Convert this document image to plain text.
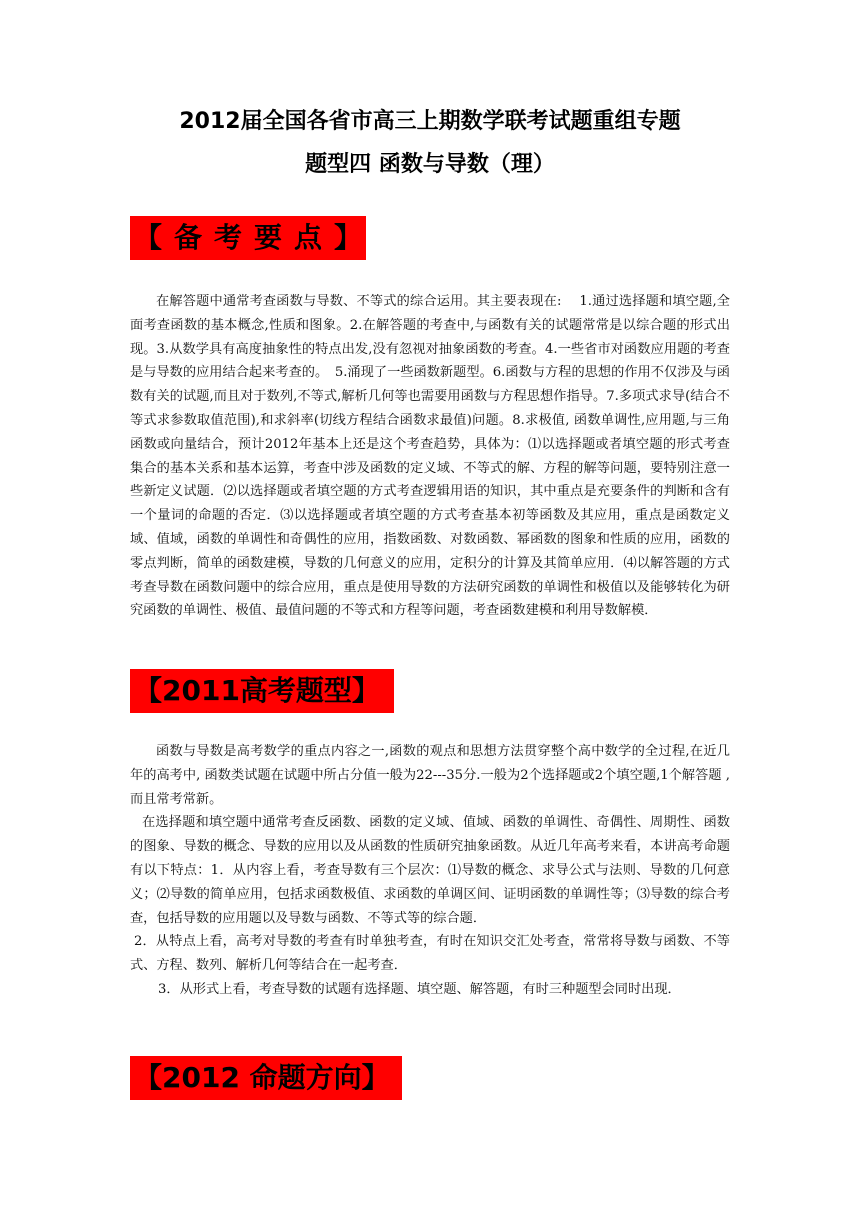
2012届全国各省市高三上期数学联考试题重组专题
题型四 函数与导数（理）
【备考要点】

在解答题中通常考查函数与导数、不等式的综合运用。其主要表现在:　 1.通过选择题和填空题,全面考查函数的基本概念,性质和图象。2.在解答题的考查中,与函数有关的试题常常是以综合题的形式出现。3.从数学具有高度抽象性的特点出发,没有忽视对抽象函数的考查。4.一些省市对函数应用题的考查是与导数的应用结合起来考查的。　5.涌现了一些函数新题型。6.函数与方程的思想的作用不仅涉及与函数有关的试题,而且对于数列,不等式,解析几何等也需要用函数与方程思想作指导。7.多项式求导(结合不等式求参数取值范围),和求斜率(切线方程结合函数求最值)问题。8.求极值, 函数单调性,应用题,与三角函数或向量结合，预计2012年基本上还是这个考查趋势，具体为：⑴以选择题或者填空题的形式考查集合的基本关系和基本运算，考查中涉及函数的定义域、不等式的解、方程的解等问题，要特别注意一些新定义试题．⑵以选择题或者填空题的方式考查逻辑用语的知识，其中重点是充要条件的判断和含有一个量词的命题的否定．⑶以选择题或者填空题的方式考查基本初等函数及其应用，重点是函数定义域、值域，函数的单调性和奇偶性的应用，指数函数、对数函数、幂函数的图象和性质的应用，函数的零点判断，简单的函数建模，导数的几何意义的应用，定积分的计算及其简单应用．⑷以解答题的方式考查导数在函数问题中的综合应用，重点是使用导数的方法研究函数的单调性和极值以及能够转化为研究函数的单调性、极值、最值问题的不等式和方程等问题，考查函数建模和利用导数解模．

【2011高考题型】

函数与导数是高考数学的重点内容之一,函数的观点和思想方法贯穿整个高中数学的全过程,在近几年的高考中, 函数类试题在试题中所占分值一般为22---35分.一般为2个选择题或2个填空题,1个解答题 ,而且常考常新。

在选择题和填空题中通常考查反函数、函数的定义域、值域、函数的单调性、奇偶性、周期性、函数的图象、导数的概念、导数的应用以及从函数的性质研究抽象函数。从近几年高考来看，本讲高考命题有以下特点：1．从内容上看，考查导数有三个层次：⑴导数的概念、求导公式与法则、导数的几何意义；⑵导数的简单应用，包括求函数极值、求函数的单调区间、证明函数的单调性等；⑶导数的综合考查，包括导数的应用题以及导数与函数、不等式等的综合题．

2．从特点上看，高考对导数的考查有时单独考查，有时在知识交汇处考查，常常将导数与函数、不等式、方程、数列、解析几何等结合在一起考查．

3．从形式上看，考查导数的试题有选择题、填空题、解答题，有时三种题型会同时出现．

【2012 命题方向】
